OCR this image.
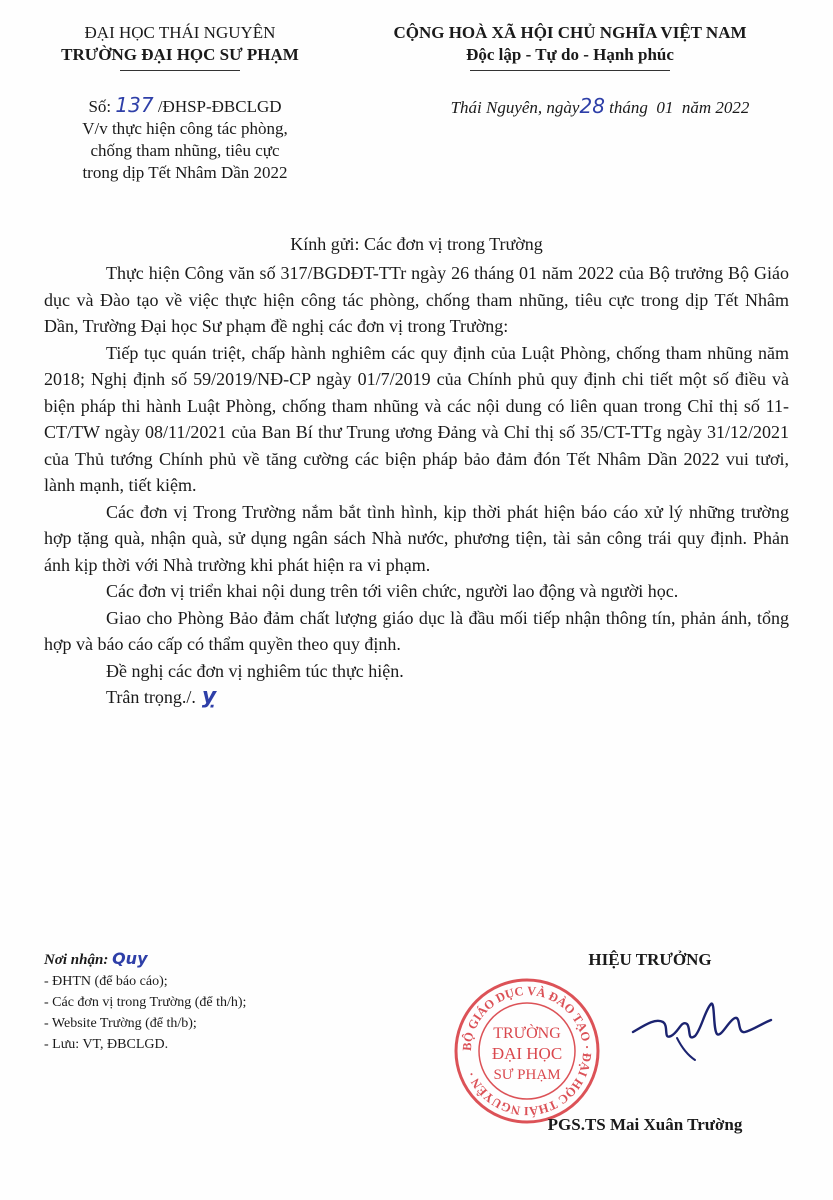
ĐẠI HỌC THÁI NGUYÊN
TRƯỜNG ĐẠI HỌC SƯ PHẠM
CỘNG HOÀ XÃ HỘI CHỦ NGHĨA VIỆT NAM
Độc lập - Tự do - Hạnh phúc
Số: 137 /ĐHSP-ĐBCLGD
V/v thực hiện công tác phòng,
chống tham nhũng, tiêu cực
trong dịp Tết Nhâm Dần 2022
Thái Nguyên, ngày28 tháng 01 năm 2022
Kính gửi: Các đơn vị trong Trường

Thực hiện Công văn số 317/BGDĐT-TTr ngày 26 tháng 01 năm 2022 của Bộ trưởng Bộ Giáo dục và Đào tạo về việc thực hiện công tác phòng, chống tham nhũng, tiêu cực trong dịp Tết Nhâm Dần, Trường Đại học Sư phạm đề nghị các đơn vị trong Trường:

Tiếp tục quán triệt, chấp hành nghiêm các quy định của Luật Phòng, chống tham nhũng năm 2018; Nghị định số 59/2019/NĐ-CP ngày 01/7/2019 của Chính phủ quy định chi tiết một số điều và biện pháp thi hành Luật Phòng, chống tham nhũng và các nội dung có liên quan trong Chỉ thị số 11-CT/TW ngày 08/11/2021 của Ban Bí thư Trung ương Đảng và Chỉ thị số 35/CT-TTg ngày 31/12/2021 của Thủ tướng Chính phủ về tăng cường các biện pháp bảo đảm đón Tết Nhâm Dần 2022 vui tươi, lành mạnh, tiết kiệm.

Các đơn vị Trong Trường nắm bắt tình hình, kịp thời phát hiện báo cáo xử lý những trường hợp tặng quà, nhận quà, sử dụng ngân sách Nhà nước, phương tiện, tài sản công trái quy định. Phản ánh kịp thời với Nhà trường khi phát hiện ra vi phạm.

Các đơn vị triển khai nội dung trên tới viên chức, người lao động và người học.

Giao cho Phòng Bảo đảm chất lượng giáo dục là đầu mối tiếp nhận thông tín, phản ánh, tổng hợp và báo cáo cấp có thẩm quyền theo quy định.

Đề nghị các đơn vị nghiêm túc thực hiện.

Trân trọng./. ỵ

Nơi nhận: Quy
- ĐHTN (để báo cáo);
- Các đơn vị trong Trường (để th/h);
- Website Trường (để th/b);
- Lưu: VT, ĐBCLGD.
HIỆU TRƯỞNG
BỘ GIÁO DỤC VÀ ĐÀO TẠO · ĐẠI HỌC THÁI NGUYÊN ·
TRƯỜNG
ĐẠI HỌC
SƯ PHẠM
PGS.TS Mai Xuân Trường
